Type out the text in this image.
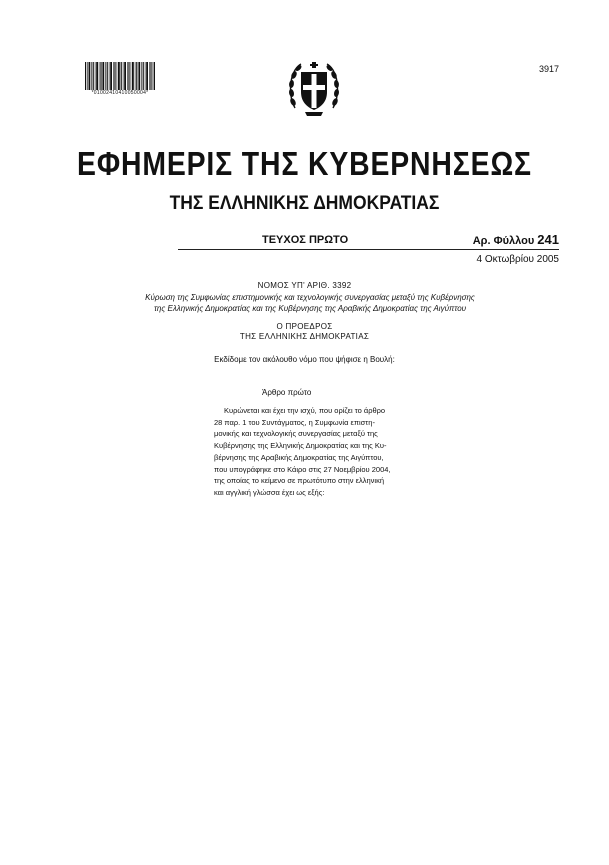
*01002410410050004*
3917
ΕΦΗΜΕΡΙΣ ΤΗΣ ΚΥΒΕΡΝΗΣΕΩΣ
ΤΗΣ ΕΛΛΗΝΙΚΗΣ ΔΗΜΟΚΡΑΤΙΑΣ
ΤΕΥΧΟΣ ΠΡΩΤΟ	Αρ. Φύλλου 241
4 Οκτωβρίου 2005
ΝΟΜΟΣ ΥΠ' ΑΡΙΘ. 3392
Κύρωση της Συμφωνίας επιστημονικής και τεχνολογικής συνεργασίας μεταξύ της Κυβέρνησης
της Ελληνικής Δημοκρατίας και της Κυβέρνησης της Αραβικής Δημοκρατίας της Αιγύπτου
Ο ΠΡΟΕΔΡΟΣ
ΤΗΣ ΕΛΛΗΝΙΚΗΣ ΔΗΜΟΚΡΑΤΙΑΣ
Εκδίδομε τον ακόλουθο νόμο που ψήφισε η Βουλή:
Άρθρο πρώτο
Κυρώνεται και έχει την ισχύ, που ορίζει το άρθρο
28 παρ. 1 του Συντάγματος, η Συμφωνία επιστη-
μονικής και τεχνολογικής συνεργασίας μεταξύ της
Κυβέρνησης της Ελληνικής Δημοκρατίας και της Κυ-
βέρνησης της Αραβικής Δημοκρατίας της Αιγύπτου,
που υπογράφηκε στο Κάιρο στις 27 Νοεμβρίου 2004,
της οποίας το κείμενο σε πρωτότυπο στην ελληνική
και αγγλική γλώσσα έχει ως εξής:
